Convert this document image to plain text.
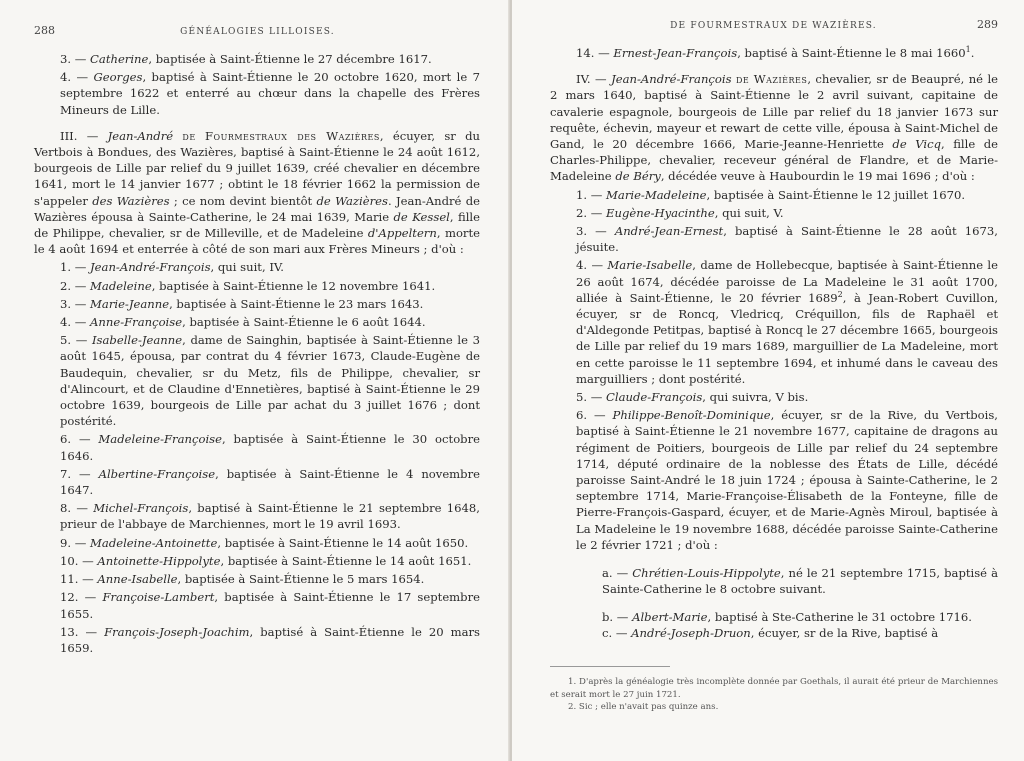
288	GÉNÉALOGIES LILLOISES.

3. — Catherine, baptisée à Saint-Étienne le 27 décembre 1617.

4. — Georges, baptisé à Saint-Étienne le 20 octobre 1620, mort le 7 septembre 1622 et enterré au chœur dans la chapelle des Frères Mineurs de Lille.

III. — Jean-André de Fourmestraux des Wazières, écuyer, sr du Vertbois à Bondues, des Wazières, baptisé à Saint-Étienne le 24 août 1612, bourgeois de Lille par relief du 9 juillet 1639, créé chevalier en décembre 1641, mort le 14 janvier 1677 ; obtint le 18 février 1662 la permission de s'appeler des Wazières ; ce nom devint bientôt de Wazières. Jean-André de Wazières épousa à Sainte-Catherine, le 24 mai 1639, Marie de Kessel, fille de Philippe, chevalier, sr de Milleville, et de Madeleine d'Appeltern, morte le 4 août 1694 et enterrée à côté de son mari aux Frères Mineurs ; d'où :

1. — Jean-André-François, qui suit, IV.

2. — Madeleine, baptisée à Saint-Étienne le 12 novembre 1641.

3. — Marie-Jeanne, baptisée à Saint-Étienne le 23 mars 1643.

4. — Anne-Françoise, baptisée à Saint-Étienne le 6 août 1644.

5. — Isabelle-Jeanne, dame de Sainghin, baptisée à Saint-Étienne le 3 août 1645, épousa, par contrat du 4 février 1673, Claude-Eugène de Baudequin, chevalier, sr du Metz, fils de Philippe, chevalier, sr d'Alincourt, et de Claudine d'Ennetières, baptisé à Saint-Étienne le 29 octobre 1639, bourgeois de Lille par achat du 3 juillet 1676 ; dont postérité.

6. — Madeleine-Françoise, baptisée à Saint-Étienne le 30 octobre 1646.

7. — Albertine-Françoise, baptisée à Saint-Étienne le 4 novembre 1647.

8. — Michel-François, baptisé à Saint-Étienne le 21 septembre 1648, prieur de l'abbaye de Marchiennes, mort le 19 avril 1693.

9. — Madeleine-Antoinette, baptisée à Saint-Étienne le 14 août 1650.

10. — Antoinette-Hippolyte, baptisée à Saint-Étienne le 14 août 1651.

11. — Anne-Isabelle, baptisée à Saint-Étienne le 5 mars 1654.

12. — Françoise-Lambert, baptisée à Saint-Étienne le 17 septembre 1655.

13. — François-Joseph-Joachim, baptisé à Saint-Étienne le 20 mars 1659.

DE FOURMESTRAUX DE WAZIÈRES.	289

14. — Ernest-Jean-François, baptisé à Saint-Étienne le 8 mai 1660$^1$.

IV. — Jean-André-François de Wazières, chevalier, sr de Beaupré, né le 2 mars 1640, baptisé à Saint-Étienne le 2 avril suivant, capitaine de cavalerie espagnole, bourgeois de Lille par relief du 18 janvier 1673 sur requête, échevin, mayeur et rewart de cette ville, épousa à Saint-Michel de Gand, le 20 décembre 1666, Marie-Jeanne-Henriette de Vicq, fille de Charles-Philippe, chevalier, receveur général de Flandre, et de Marie-Madeleine de Béry, décédée veuve à Haubourdin le 19 mai 1696 ; d'où :

1. — Marie-Madeleine, baptisée à Saint-Étienne le 12 juillet 1670.

2. — Eugène-Hyacinthe, qui suit, V.

3. — André-Jean-Ernest, baptisé à Saint-Étienne le 28 août 1673, jésuite.

4. — Marie-Isabelle, dame de Hollebecque, baptisée à Saint-Étienne le 26 août 1674, décédée paroisse de La Madeleine le 31 août 1700, alliée à Saint-Étienne, le 20 février 1689$^2$, à Jean-Robert Cuvillon, écuyer, sr de Roncq, Vledricq, Créquillon, fils de Raphaël et d'Aldegonde Petitpas, baptisé à Roncq le 27 décembre 1665, bourgeois de Lille par relief du 19 mars 1689, marguillier de La Madeleine, mort en cette paroisse le 11 septembre 1694, et inhumé dans le caveau des marguilliers ; dont postérité.

5. — Claude-François, qui suivra, V bis.

6. — Philippe-Benoît-Dominique, écuyer, sr de la Rive, du Vertbois, baptisé à Saint-Étienne le 21 novembre 1677, capitaine de dragons au régiment de Poitiers, bourgeois de Lille par relief du 24 septembre 1714, député ordinaire de la noblesse des États de Lille, décédé paroisse Saint-André le 18 juin 1724 ; épousa à Sainte-Catherine, le 2 septembre 1714, Marie-Françoise-Élisabeth de la Fonteyne, fille de Pierre-François-Gaspard, écuyer, et de Marie-Agnès Miroul, baptisée à La Madeleine le 19 novembre 1688, décédée paroisse Sainte-Catherine le 2 février 1721 ; d'où :

a. — Chrétien-Louis-Hippolyte, né le 21 septembre 1715, baptisé à Sainte-Catherine le 8 octobre suivant.

b. — Albert-Marie, baptisé à Ste-Catherine le 31 octobre 1716.

c. — André-Joseph-Druon, écuyer, sr de la Rive, baptisé à

1. D'après la généalogie très incomplète donnée par Goethals, il aurait été prieur de Marchiennes et serait mort le 27 juin 1721.

2. Sic ; elle n'avait pas quinze ans.
